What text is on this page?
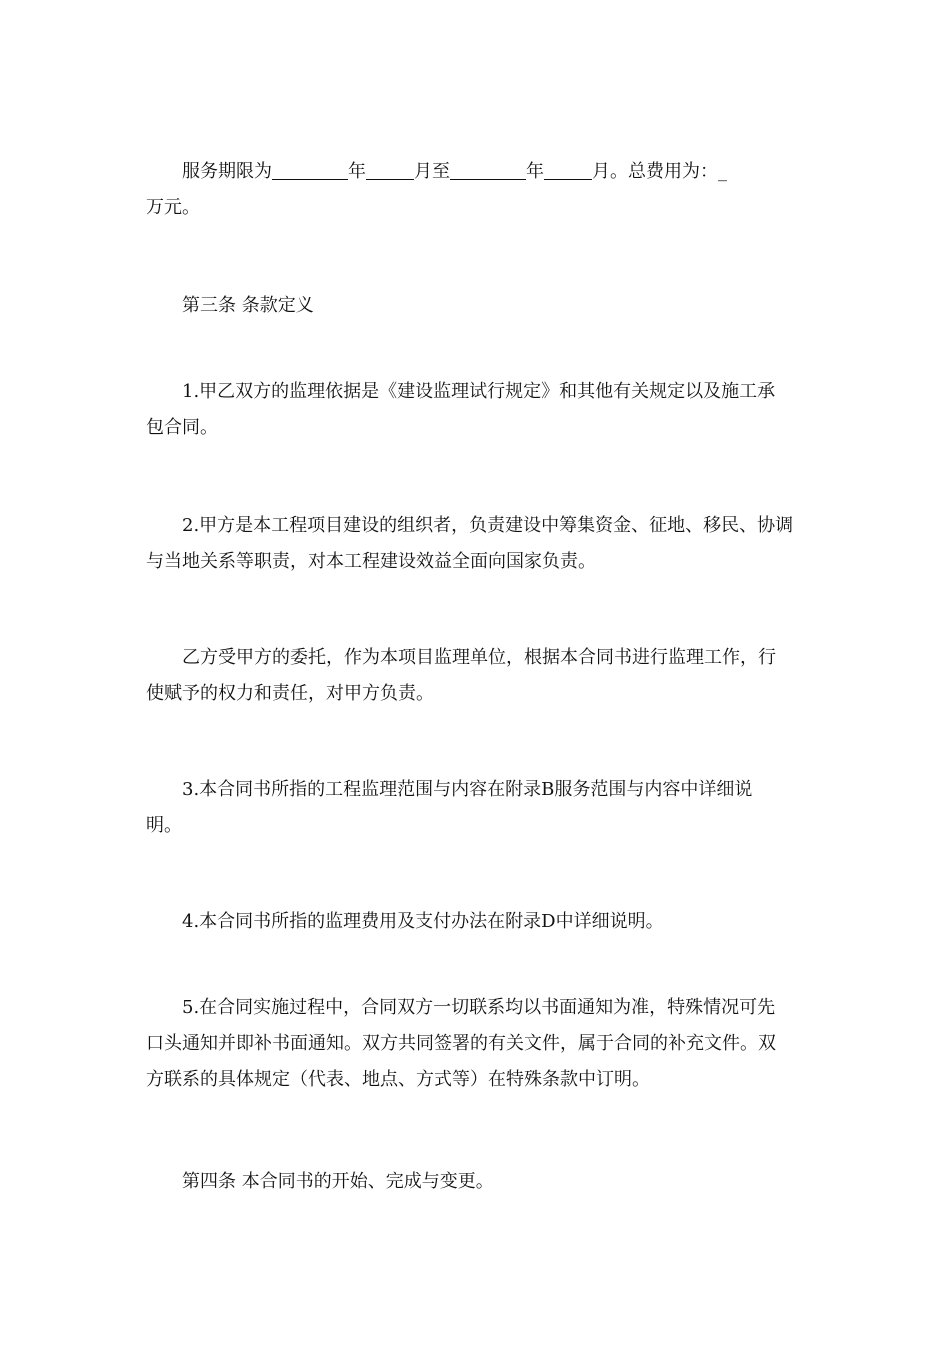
服务期限为	年	月至	年	月。总费用为：_
万元。

第三条 条款定义

1.甲乙双方的监理依据是《建设监理试行规定》和其他有关规定以及施工承
包合同。

2.甲方是本工程项目建设的组织者，负责建设中筹集资金、征地、移民、协调
与当地关系等职责，对本工程建设效益全面向国家负责。

乙方受甲方的委托，作为本项目监理单位，根据本合同书进行监理工作，行
使赋予的权力和责任，对甲方负责。

3.本合同书所指的工程监理范围与内容在附录B服务范围与内容中详细说
明。

4.本合同书所指的监理费用及支付办法在附录D中详细说明。

5.在合同实施过程中，合同双方一切联系均以书面通知为准，特殊情况可先
口头通知并即补书面通知。双方共同签署的有关文件，属于合同的补充文件。双
方联系的具体规定（代表、地点、方式等）在特殊条款中订明。

第四条 本合同书的开始、完成与变更。
